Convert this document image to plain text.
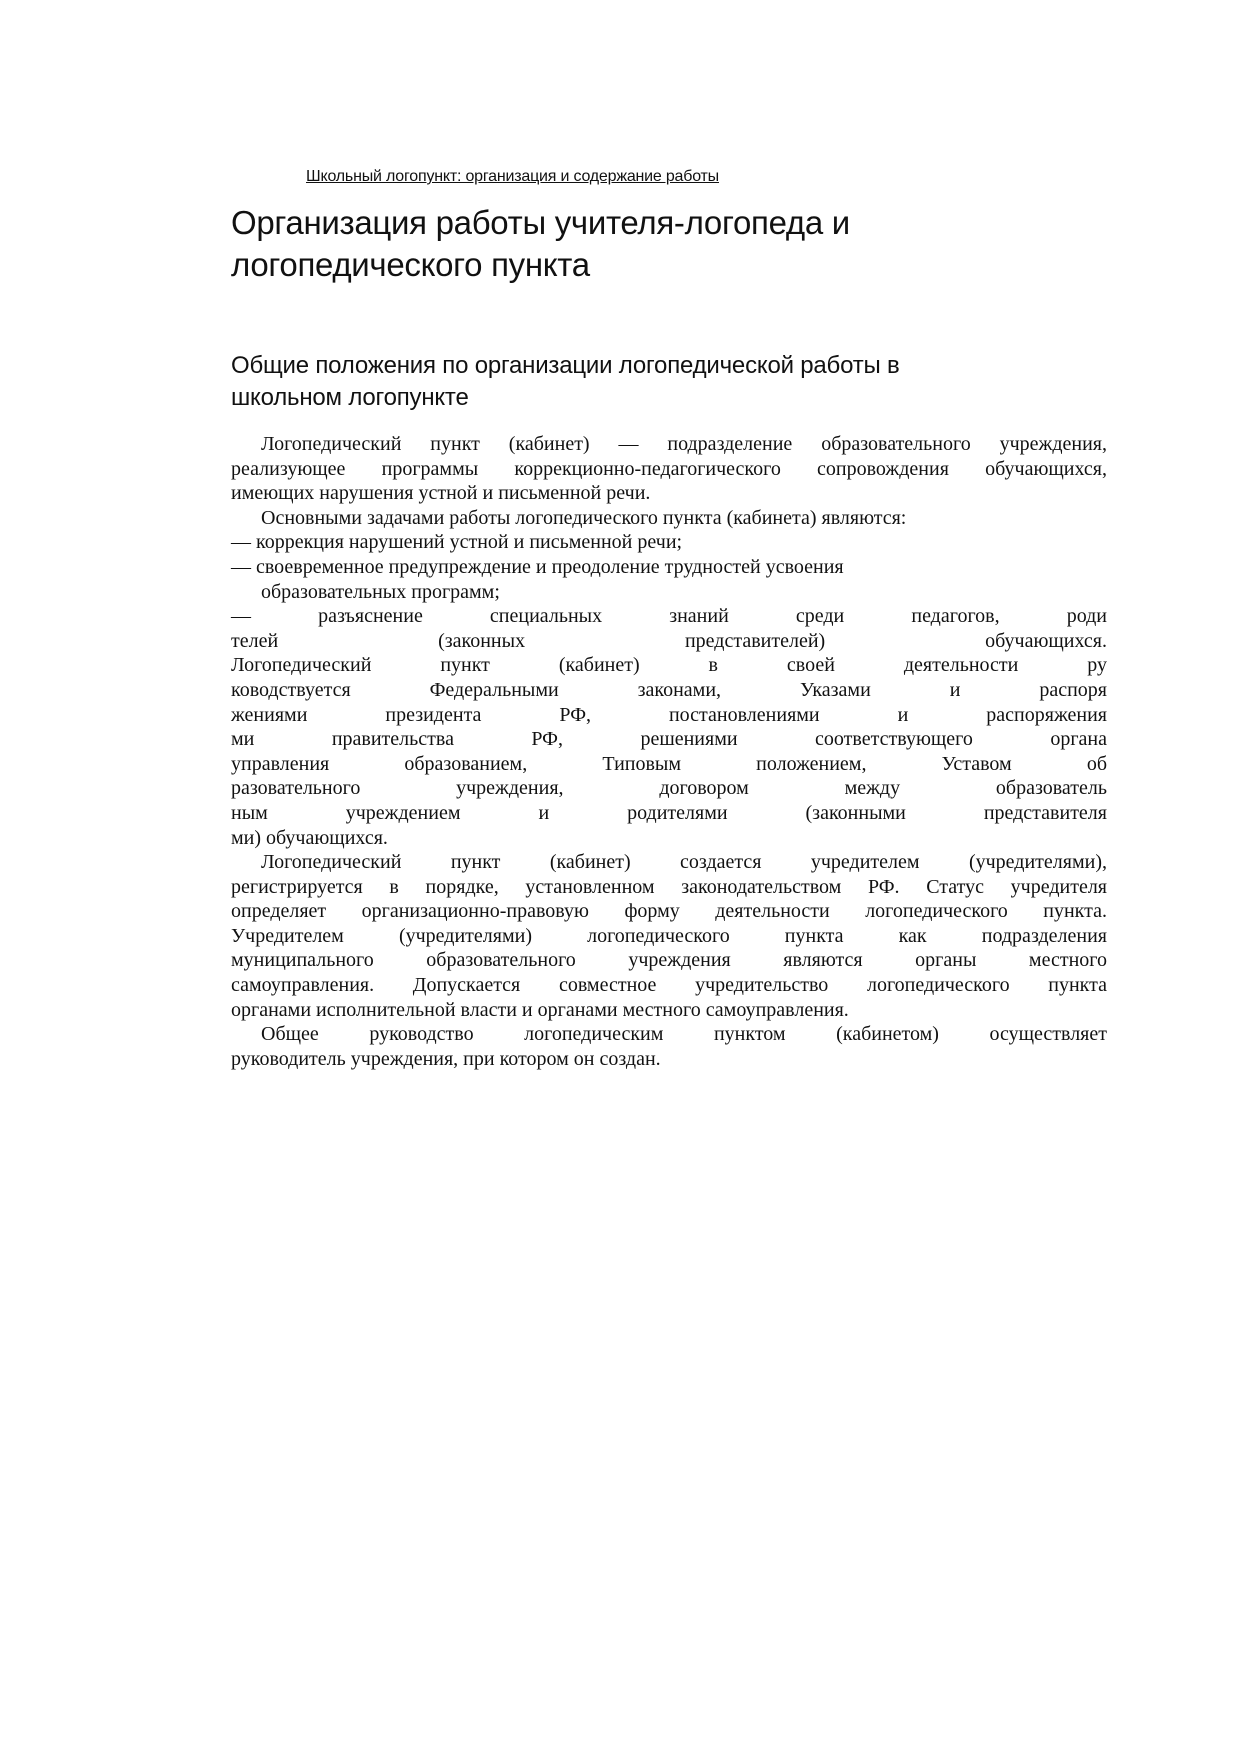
Школьный логопункт: организация и содержание работы
Организация работы учителя-логопеда и
логопедического пункта
Общие положения по организации логопедической работы в
школьном логопункте
Логопедический пункт (кабинет) — подразделение образовательного учреждения,
реализующее программы коррекционно-педагогического сопровождения обучающихся,
имеющих нарушения устной и письменной речи.
Основными задачами работы логопедического пункта (кабинета) являются:
— коррекция нарушений устной и письменной речи;
— своевременное предупреждение и преодоление трудностей усвоения
образовательных программ;
— разъяснение специальных знаний среди педагогов, роди
телей (законных представителей) обучающихся.
Логопедический пункт (кабинет) в своей деятельности ру
ководствуется Федеральными законами, Указами и распоря
жениями президента РФ, постановлениями и распоряжения
ми правительства РФ, решениями соответствующего органа
управления образованием, Типовым положением, Уставом об
разовательного учреждения, договором между образователь
ным учреждением и родителями (законными представителя
ми) обучающихся.
Логопедический пункт (кабинет) создается учредителем (учредителями),
регистрируется в порядке, установленном законодательством РФ. Статус учредителя
определяет организационно-правовую форму деятельности логопедического пункта.
Учредителем (учредителями) логопедического пункта как подразделения
муниципального образовательного учреждения являются органы местного
самоуправления. Допускается совместное учредительство логопедического пункта
органами исполнительной власти и органами местного самоуправления.
Общее руководство логопедическим пунктом (кабинетом) осуществляет
руководитель учреждения, при котором он создан.
